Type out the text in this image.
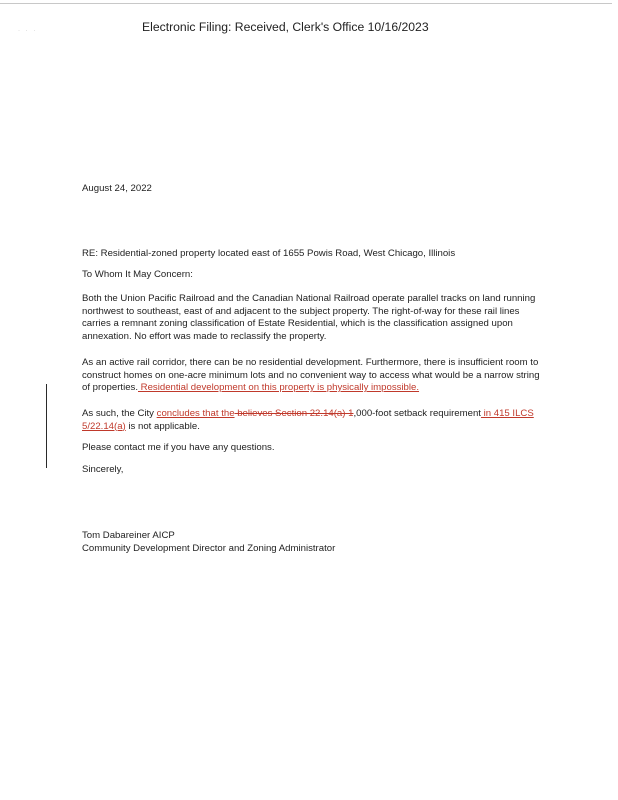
· · ·	Electronic Filing: Received, Clerk's Office 10/16/2023

August 24, 2022

RE: Residential-zoned property located east of 1655 Powis Road, West Chicago, Illinois

To Whom It May Concern:

Both the Union Pacific Railroad and the Canadian National Railroad operate parallel tracks on land running northwest to southeast, east of and adjacent to the subject property. The right-of-way for these rail lines carries a remnant zoning classification of Estate Residential, which is the classification assigned upon annexation. No effort was made to reclassify the property.

As an active rail corridor, there can be no residential development. Furthermore, there is insufficient room to construct homes on one-acre minimum lots and no convenient way to access what would be a narrow string of properties. Residential development on this property is physically impossible.

As such, the City concludes that the believes Section 22.14(a) 1,000-foot setback requirement in 415 ILCS 5/22.14(a) is not applicable.

Please contact me if you have any questions.

Sincerely,

Tom Dabareiner AICP

Community Development Director and Zoning Administrator
